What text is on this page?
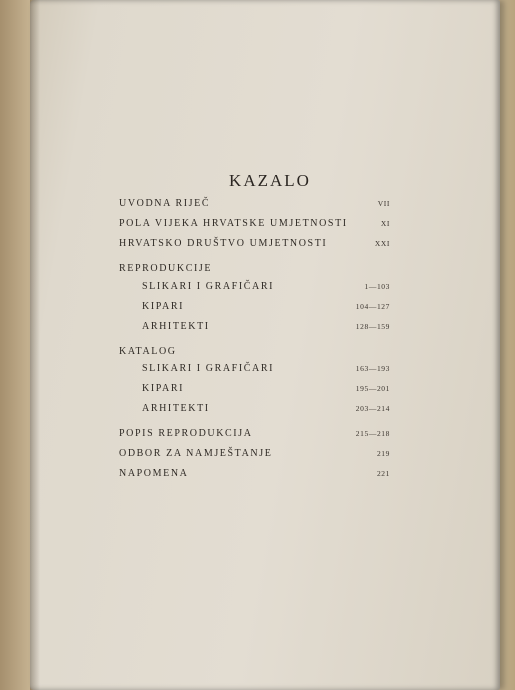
KAZALO
UVODNA RIJEČ	VII
POLA VIJEKA HRVATSKE UMJETNOSTI	XI
HRVATSKO DRUŠTVO UMJETNOSTI	XXI
REPRODUKCIJE
SLIKARI I GRAFIČARI	1—103
KIPARI	104—127
ARHITEKTI	128—159
KATALOG
SLIKARI I GRAFIČARI	163—193
KIPARI	195—201
ARHITEKTI	203—214
POPIS REPRODUKCIJA	215—218
ODBOR ZA NAMJEŠTANJE	219
NAPOMENA	221
